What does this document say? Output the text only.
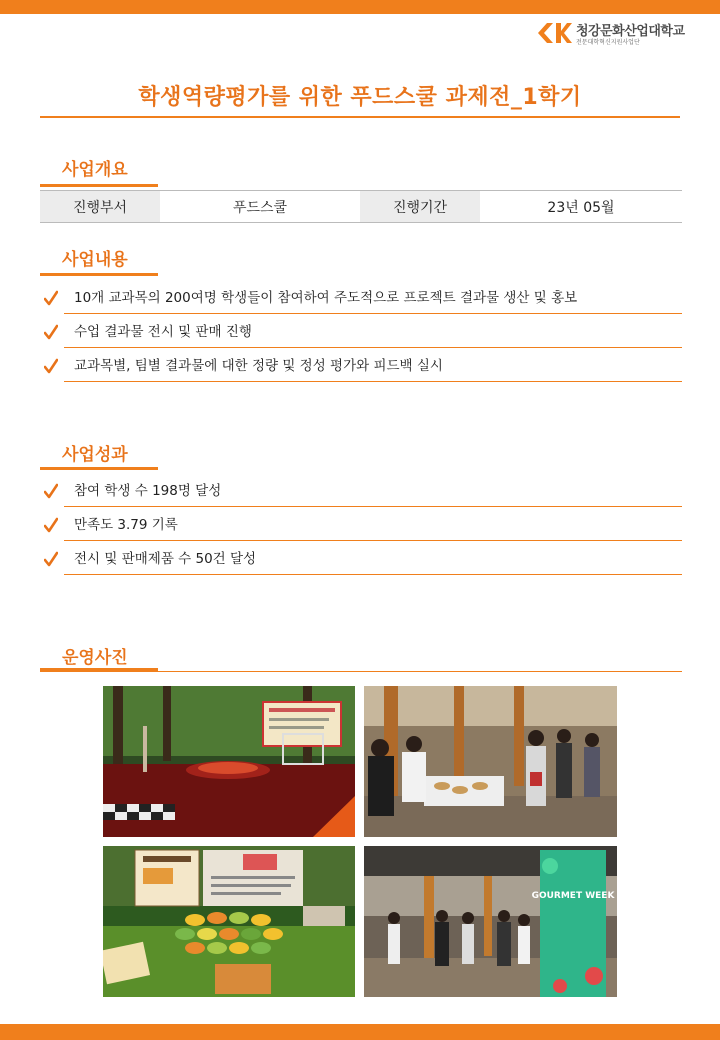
청강문화산업대학교
전문대학혁신지원사업단
학생역량평가를 위한 푸드스쿨 과제전_1학기
사업개요
진행부서	푸드스쿨	진행기간	23년 05월
사업내용
10개 교과목의 200여명 학생들이 참여하여 주도적으로 프로젝트 결과물 생산 및 홍보
수업 결과물 전시 및 판매 진행
교과목별, 팀별 결과물에 대한 정량 및 정성 평가와 피드백 실시
사업성과
참여 학생 수 198명 달성
만족도 3.79 기록
전시 및 판매제품 수 50건 달성
운영사진
GOURMET WEEK
